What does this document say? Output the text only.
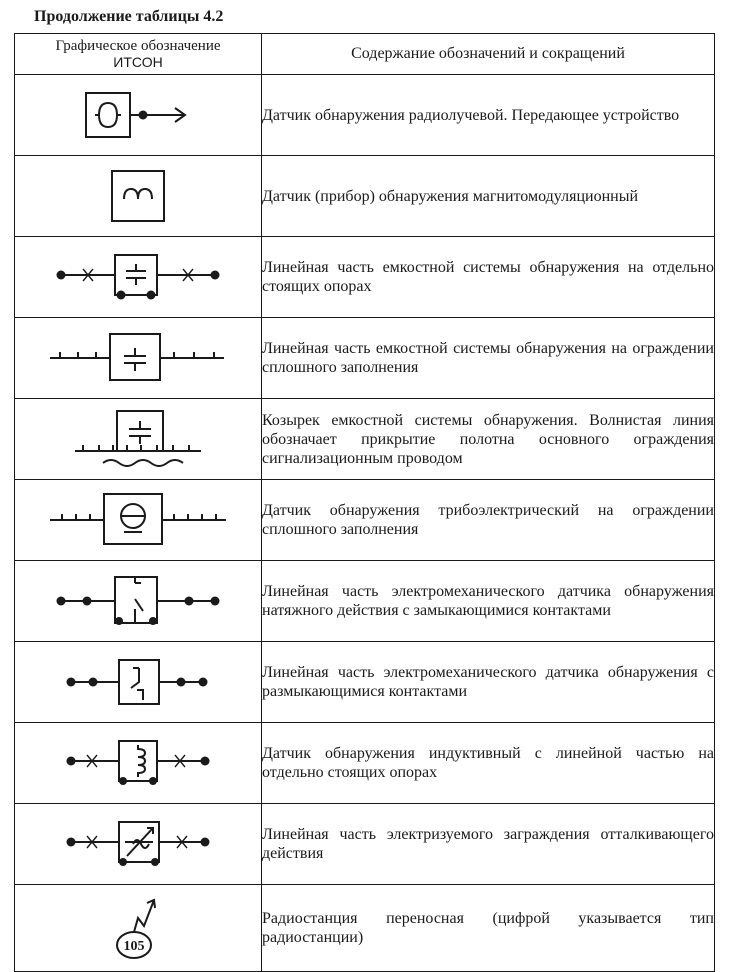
Продолжение таблицы 4.2
Графическое обозначение
ИТСОН	Содержание обозначений и сокращений

	Датчик обнаружения радиолучевой. Передающее устройство

	Датчик (прибор) обнаружения магнитомодуляционный

	Линейная часть емкостной системы обнаружения на отдельно стоящих опорах

	Линейная часть емкостной системы обнаружения на ограждении сплошного заполнения

	Козырек емкостной системы обнаружения. Волнистая линия обозначает прикрытие полотна основного ограждения сигнализационным проводом

	Датчик обнаружения трибоэлектрический на ограждении сплошного заполнения

	Линейная часть электромеханического датчика обнаружения натяжного действия с замыкающимися контактами

	Линейная часть электромеханического датчика обнаружения с размыкающимися контактами

	Датчик обнаружения индуктивный с линейной частью на отдельно стоящих опорах

	Линейная часть электризуемого заграждения отталкивающего действия

105	Радиостанция переносная (цифрой указывается тип радиостанции)
